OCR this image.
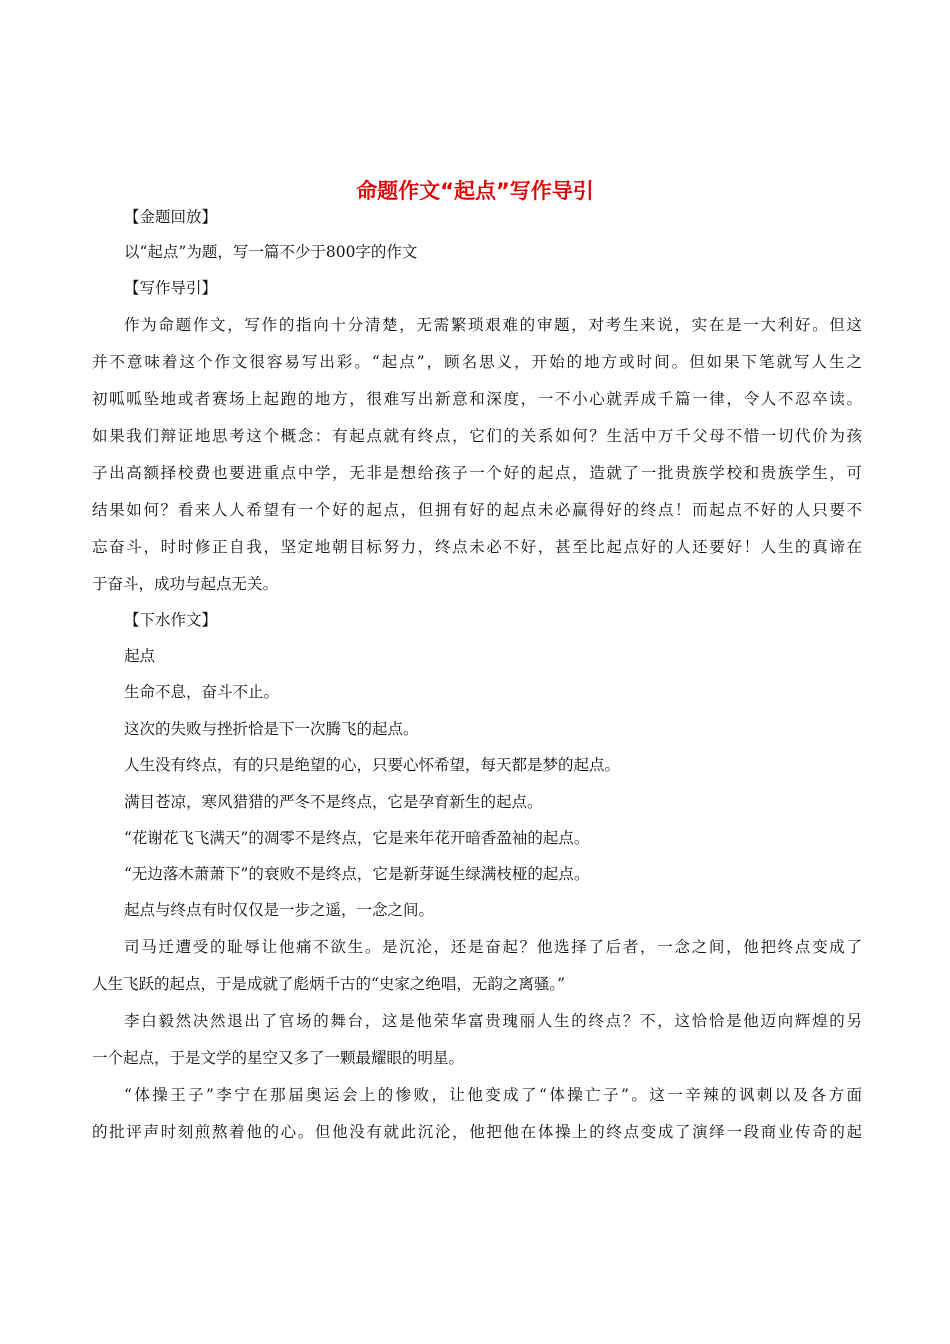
命题作文“起点”写作导引
【金题回放】
以“起点”为题，写一篇不少于800字的作文
【写作导引】
作为命题作文，写作的指向十分清楚，无需繁琐艰难的审题，对考生来说，实在是一大利好。但这
并不意味着这个作文很容易写出彩。“起点”，顾名思义，开始的地方或时间。但如果下笔就写人生之
初呱呱坠地或者赛场上起跑的地方，很难写出新意和深度，一不小心就弄成千篇一律，令人不忍卒读。
如果我们辩证地思考这个概念：有起点就有终点，它们的关系如何？生活中万千父母不惜一切代价为孩
子出高额择校费也要进重点中学，无非是想给孩子一个好的起点，造就了一批贵族学校和贵族学生，可
结果如何？看来人人希望有一个好的起点，但拥有好的起点未必赢得好的终点！而起点不好的人只要不
忘奋斗，时时修正自我，坚定地朝目标努力，终点未必不好，甚至比起点好的人还要好！人生的真谛在
于奋斗，成功与起点无关。
【下水作文】
起点
生命不息，奋斗不止。
这次的失败与挫折恰是下一次腾飞的起点。
人生没有终点，有的只是绝望的心，只要心怀希望，每天都是梦的起点。
满目苍凉，寒风猎猎的严冬不是终点，它是孕育新生的起点。
“花谢花飞飞满天”的凋零不是终点，它是来年花开暗香盈袖的起点。
“无边落木萧萧下”的衰败不是终点，它是新芽诞生绿满枝桠的起点。
起点与终点有时仅仅是一步之遥，一念之间。
司马迁遭受的耻辱让他痛不欲生。是沉沦，还是奋起？他选择了后者，一念之间，他把终点变成了
人生飞跃的起点，于是成就了彪炳千古的“史家之绝唱，无韵之离骚。”
李白毅然决然退出了官场的舞台，这是他荣华富贵瑰丽人生的终点？不，这恰恰是他迈向辉煌的另
一个起点，于是文学的星空又多了一颗最耀眼的明星。
“体操王子”李宁在那届奥运会上的惨败，让他变成了“体操亡子”。这一辛辣的讽刺以及各方面
的批评声时刻煎熬着他的心。但他没有就此沉沦，他把他在体操上的终点变成了演绎一段商业传奇的起
